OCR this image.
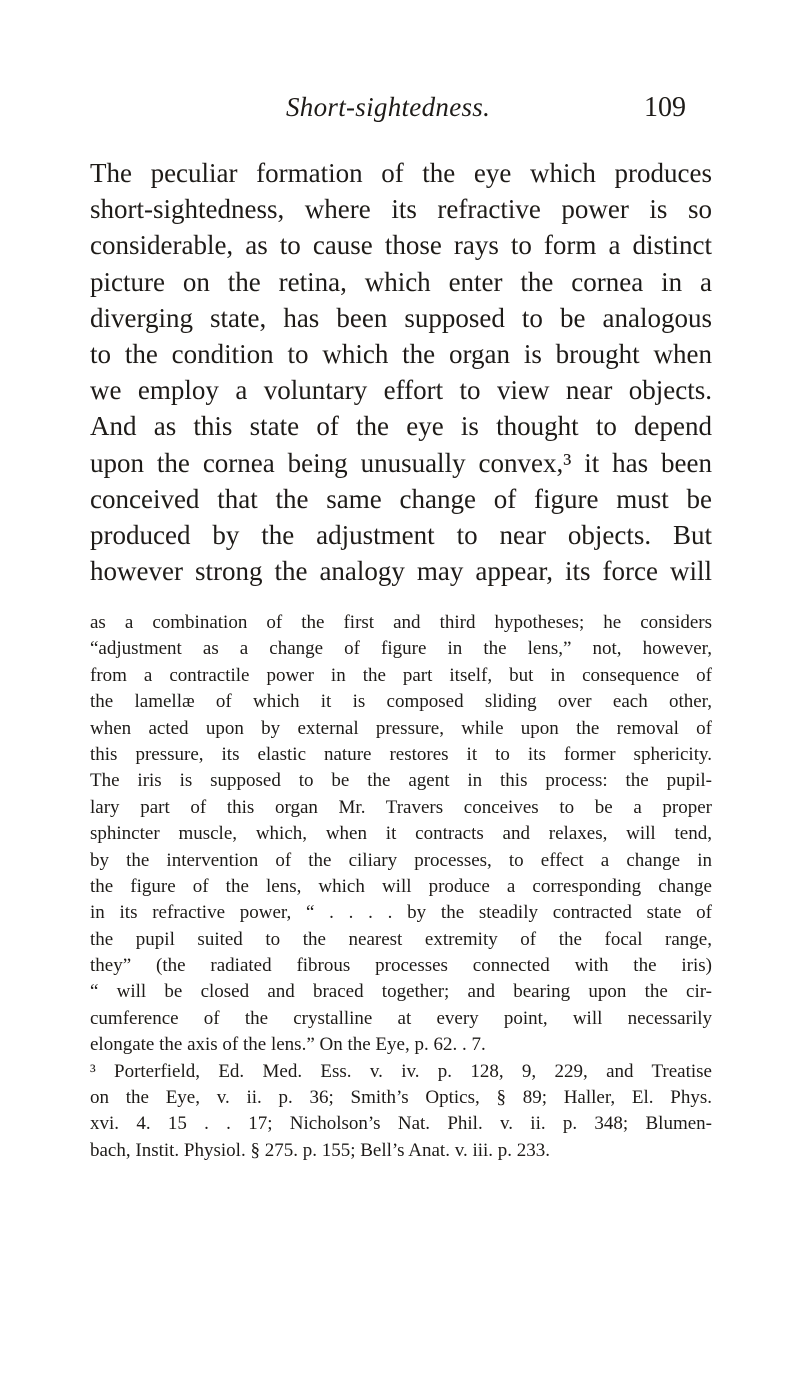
Short-sightedness.	109
The peculiar formation of the eye which produces
short-sightedness, where its refractive power is so
considerable, as to cause those rays to form a distinct
picture on the retina, which enter the cornea in a
diverging state, has been supposed to be analogous
to the condition to which the organ is brought when
we employ a voluntary effort to view near objects.
And as this state of the eye is thought to depend
upon the cornea being unusually convex,³ it has been
conceived that the same change of figure must be
produced by the adjustment to near objects. But
however strong the analogy may appear, its force will
as a combination of the first and third hypotheses; he considers
“adjustment as a change of figure in the lens,” not, however,
from a contractile power in the part itself, but in consequence of
the lamellæ of which it is composed sliding over each other,
when acted upon by external pressure, while upon the removal of
this pressure, its elastic nature restores it to its former sphericity.
The iris is supposed to be the agent in this process: the pupil-
lary part of this organ Mr. Travers conceives to be a proper
sphincter muscle, which, when it contracts and relaxes, will tend,
by the intervention of the ciliary processes, to effect a change in
the figure of the lens, which will produce a corresponding change
in its refractive power, “ . . . . by the steadily contracted state of
the pupil suited to the nearest extremity of the focal range,
they” (the radiated fibrous processes connected with the iris)
“ will be closed and braced together; and bearing upon the cir-
cumference of the crystalline at every point, will necessarily
elongate the axis of the lens.” On the Eye, p. 62. . 7.
³ Porterfield, Ed. Med. Ess. v. iv. p. 128, 9, 229, and Treatise
on the Eye, v. ii. p. 36; Smith’s Optics, § 89; Haller, El. Phys.
xvi. 4. 15 . . 17; Nicholson’s Nat. Phil. v. ii. p. 348; Blumen-
bach, Instit. Physiol. § 275. p. 155; Bell’s Anat. v. iii. p. 233.
